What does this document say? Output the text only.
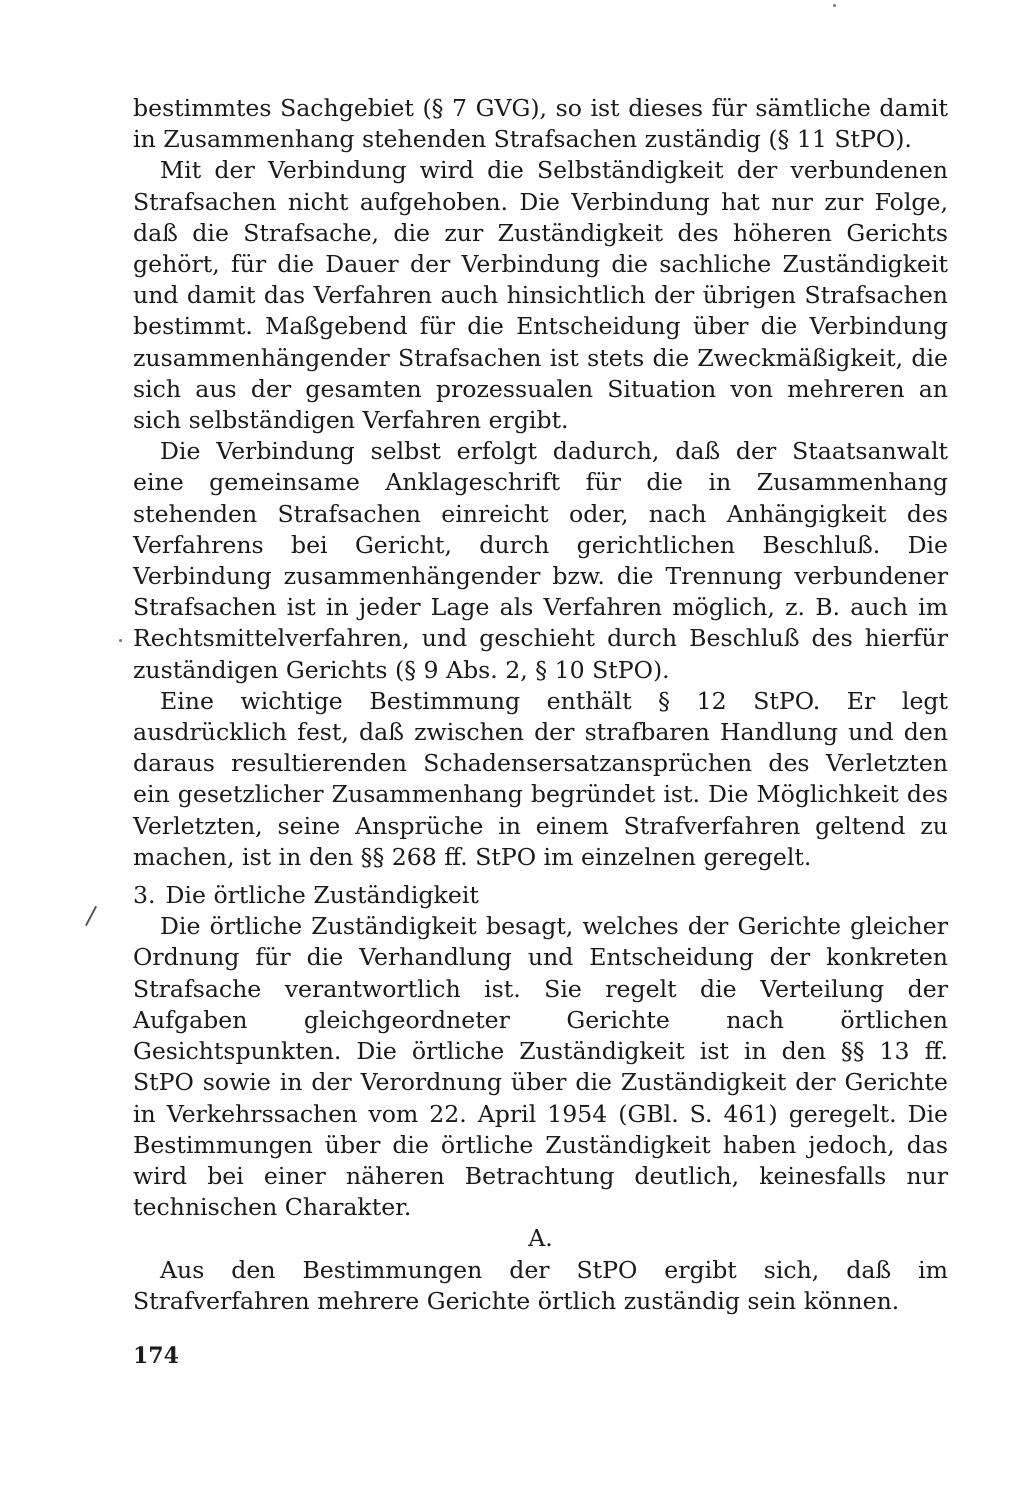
bestimmtes Sachgebiet (§ 7 GVG), so ist dieses für sämtliche damit in Zusammenhang stehenden Strafsachen zuständig (§ 11 StPO).

Mit der Verbindung wird die Selbständigkeit der verbundenen Strafsachen nicht aufgehoben. Die Verbindung hat nur zur Folge, daß die Strafsache, die zur Zuständigkeit des höheren Gerichts gehört, für die Dauer der Verbindung die sachliche Zuständigkeit und damit das Verfahren auch hinsichtlich der übrigen Strafsachen bestimmt. Maßgebend für die Entscheidung über die Verbindung zusammenhängender Strafsachen ist stets die Zweckmäßigkeit, die sich aus der gesamten prozessualen Situation von mehreren an sich selbständigen Verfahren ergibt.

Die Verbindung selbst erfolgt dadurch, daß der Staatsanwalt eine gemeinsame Anklageschrift für die in Zusammenhang stehenden Strafsachen einreicht oder, nach Anhängigkeit des Verfahrens bei Gericht, durch gerichtlichen Beschluß. Die Verbindung zusammenhängender bzw. die Trennung verbundener Strafsachen ist in jeder Lage als Verfahren möglich, z. B. auch im Rechtsmittelverfahren, und geschieht durch Beschluß des hierfür zuständigen Gerichts (§ 9 Abs. 2, § 10 StPO).

Eine wichtige Bestimmung enthält § 12 StPO. Er legt ausdrücklich fest, daß zwischen der strafbaren Handlung und den daraus resultierenden Schadensersatzansprüchen des Verletzten ein gesetzlicher Zusammenhang begründet ist. Die Möglichkeit des Verletzten, seine Ansprüche in einem Strafverfahren geltend zu machen, ist in den §§ 268 ff. StPO im einzelnen geregelt.

3. Die örtliche Zuständigkeit

Die örtliche Zuständigkeit besagt, welches der Gerichte gleicher Ordnung für die Verhandlung und Entscheidung der konkreten Strafsache verantwortlich ist. Sie regelt die Verteilung der Aufgaben gleichgeordneter Gerichte nach örtlichen Gesichtspunkten. Die örtliche Zuständigkeit ist in den §§ 13 ff. StPO sowie in der Verordnung über die Zuständigkeit der Gerichte in Verkehrssachen vom 22. April 1954 (GBl. S. 461) geregelt. Die Bestimmungen über die örtliche Zuständigkeit haben jedoch, das wird bei einer näheren Betrachtung deutlich, keinesfalls nur technischen Charakter.

A.

Aus den Bestimmungen der StPO ergibt sich, daß im Strafverfahren mehrere Gerichte örtlich zuständig sein können.

174
